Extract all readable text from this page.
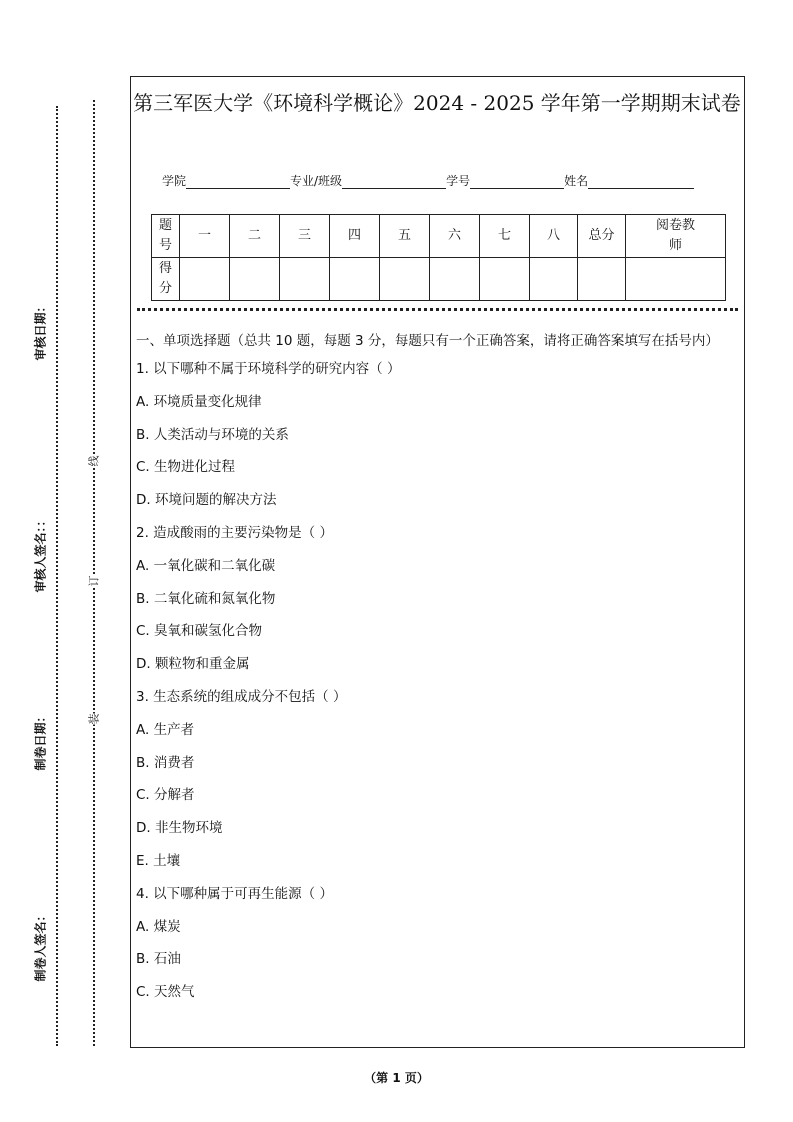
审核日期：
审核人签名：：
制卷日期：
制卷人签名：
线
订
装
第三军医大学《环境科学概论》2024 - 2025 学年第一学期期末试卷
学院	专业/班级	学号	姓名
题号	一	二	三	四	五	六	七	八	总分	阅卷教师
得分										
一、单项选择题（总共 10 题，每题 3 分，每题只有一个正确答案，请将正确答案填写在括号内）
1. 以下哪种不属于环境科学的研究内容（ ）
A. 环境质量变化规律
B. 人类活动与环境的关系
C. 生物进化过程
D. 环境问题的解决方法
2. 造成酸雨的主要污染物是（ ）
A. 一氧化碳和二氧化碳
B. 二氧化硫和氮氧化物
C. 臭氧和碳氢化合物
D. 颗粒物和重金属
3. 生态系统的组成成分不包括（ ）
A. 生产者
B. 消费者
C. 分解者
D. 非生物环境
E. 土壤
4. 以下哪种属于可再生能源（ ）
A. 煤炭
B. 石油
C. 天然气
（第 1 页）
